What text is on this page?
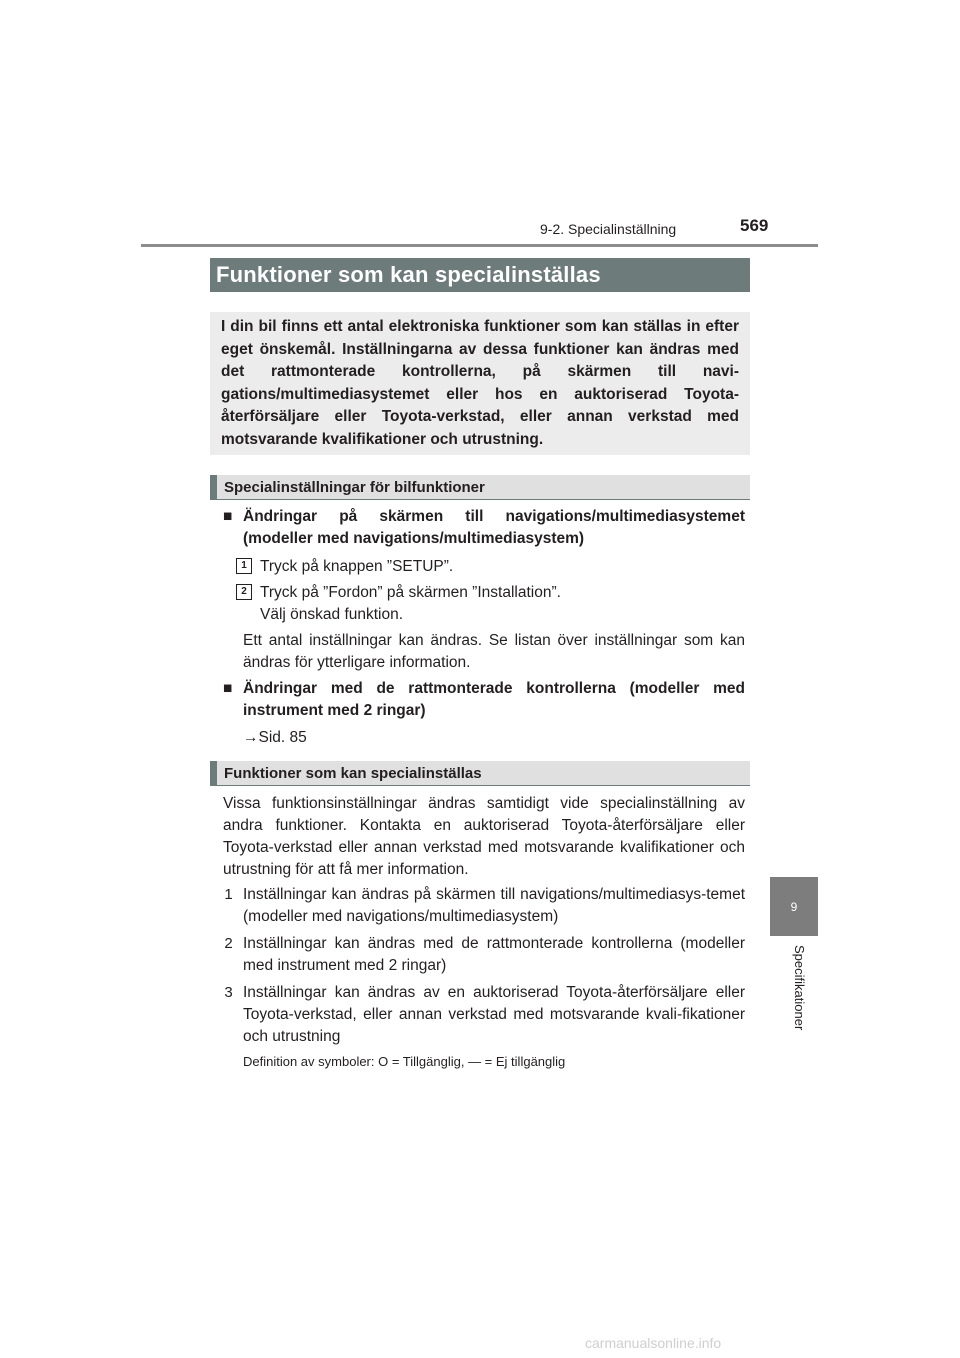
9-2. Specialinställning	569
9
Specifikationer
Funktioner som kan specialinställas
I din bil finns ett antal elektroniska funktioner som kan ställas in efter eget önskemål. Inställningarna av dessa funktioner kan ändras med det rattmonterade kontrollerna, på skärmen till navi-gations/multimediasystemet eller hos en auktoriserad Toyota-återförsäljare eller Toyota-verkstad, eller annan verkstad med motsvarande kvalifikationer och utrustning.
Specialinställningar för bilfunktioner
■ Ändringar på skärmen till navigations/multimediasystemet (modeller med navigations/multimediasystem)
1 Tryck på knappen ”SETUP”.
2 Tryck på ”Fordon” på skärmen ”Installation”.
Välj önskad funktion.
Ett antal inställningar kan ändras. Se listan över inställningar som kan ändras för ytterligare information.
■ Ändringar med de rattmonterade kontrollerna (modeller med instrument med 2 ringar)
→Sid. 85
Funktioner som kan specialinställas
Vissa funktionsinställningar ändras samtidigt vide specialinställning av andra funktioner. Kontakta en auktoriserad Toyota-återförsäljare eller Toyota-verkstad eller annan verkstad med motsvarande kvalifikationer och utrustning för att få mer information.
1 Inställningar kan ändras på skärmen till navigations/multimediasys-temet (modeller med navigations/multimediasystem)
2 Inställningar kan ändras med de rattmonterade kontrollerna (modeller med instrument med 2 ringar)
3 Inställningar kan ändras av en auktoriserad Toyota-återförsäljare eller Toyota-verkstad, eller annan verkstad med motsvarande kvali-fikationer och utrustning
Definition av symboler: O = Tillgänglig, — = Ej tillgänglig
carmanualsonline.info
